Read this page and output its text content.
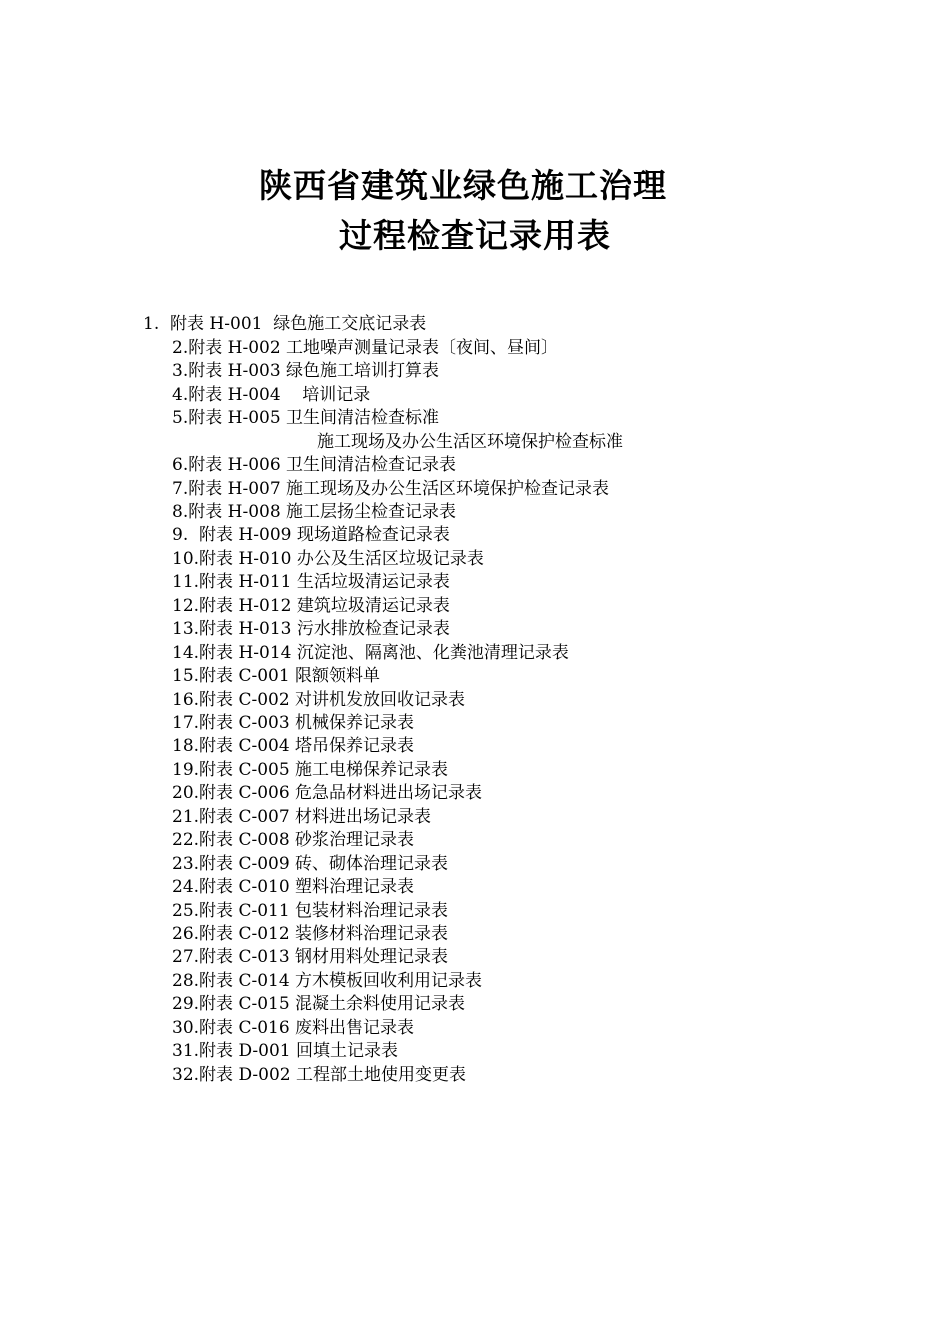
陕西省建筑业绿色施工治理
过程检查记录用表
1.  附表 H-001  绿色施工交底记录表
2.附表 H-002 工地噪声测量记录表〔夜间、昼间〕
3.附表 H-003 绿色施工培训打算表
4.附表 H-004    培训记录
5.附表 H-005 卫生间清洁检查标准
施工现场及办公生活区环境保护检查标准
6.附表 H-006 卫生间清洁检查记录表
7.附表 H-007 施工现场及办公生活区环境保护检查记录表
8.附表 H-008 施工层扬尘检查记录表
9.  附表 H-009 现场道路检查记录表
10.附表 H-010 办公及生活区垃圾记录表
11.附表 H-011 生活垃圾清运记录表
12.附表 H-012 建筑垃圾清运记录表
13.附表 H-013 污水排放检查记录表
14.附表 H-014 沉淀池、隔离池、化粪池清理记录表
15.附表 C-001 限额领料单
16.附表 C-002 对讲机发放回收记录表
17.附表 C-003 机械保养记录表
18.附表 C-004 塔吊保养记录表
19.附表 C-005 施工电梯保养记录表
20.附表 C-006 危急品材料进出场记录表
21.附表 C-007 材料进出场记录表
22.附表 C-008 砂浆治理记录表
23.附表 C-009 砖、砌体治理记录表
24.附表 C-010 塑料治理记录表
25.附表 C-011 包装材料治理记录表
26.附表 C-012 装修材料治理记录表
27.附表 C-013 钢材用料处理记录表
28.附表 C-014 方木模板回收利用记录表
29.附表 C-015 混凝土余料使用记录表
30.附表 C-016 废料出售记录表
31.附表 D-001 回填土记录表
32.附表 D-002 工程部土地使用变更表
